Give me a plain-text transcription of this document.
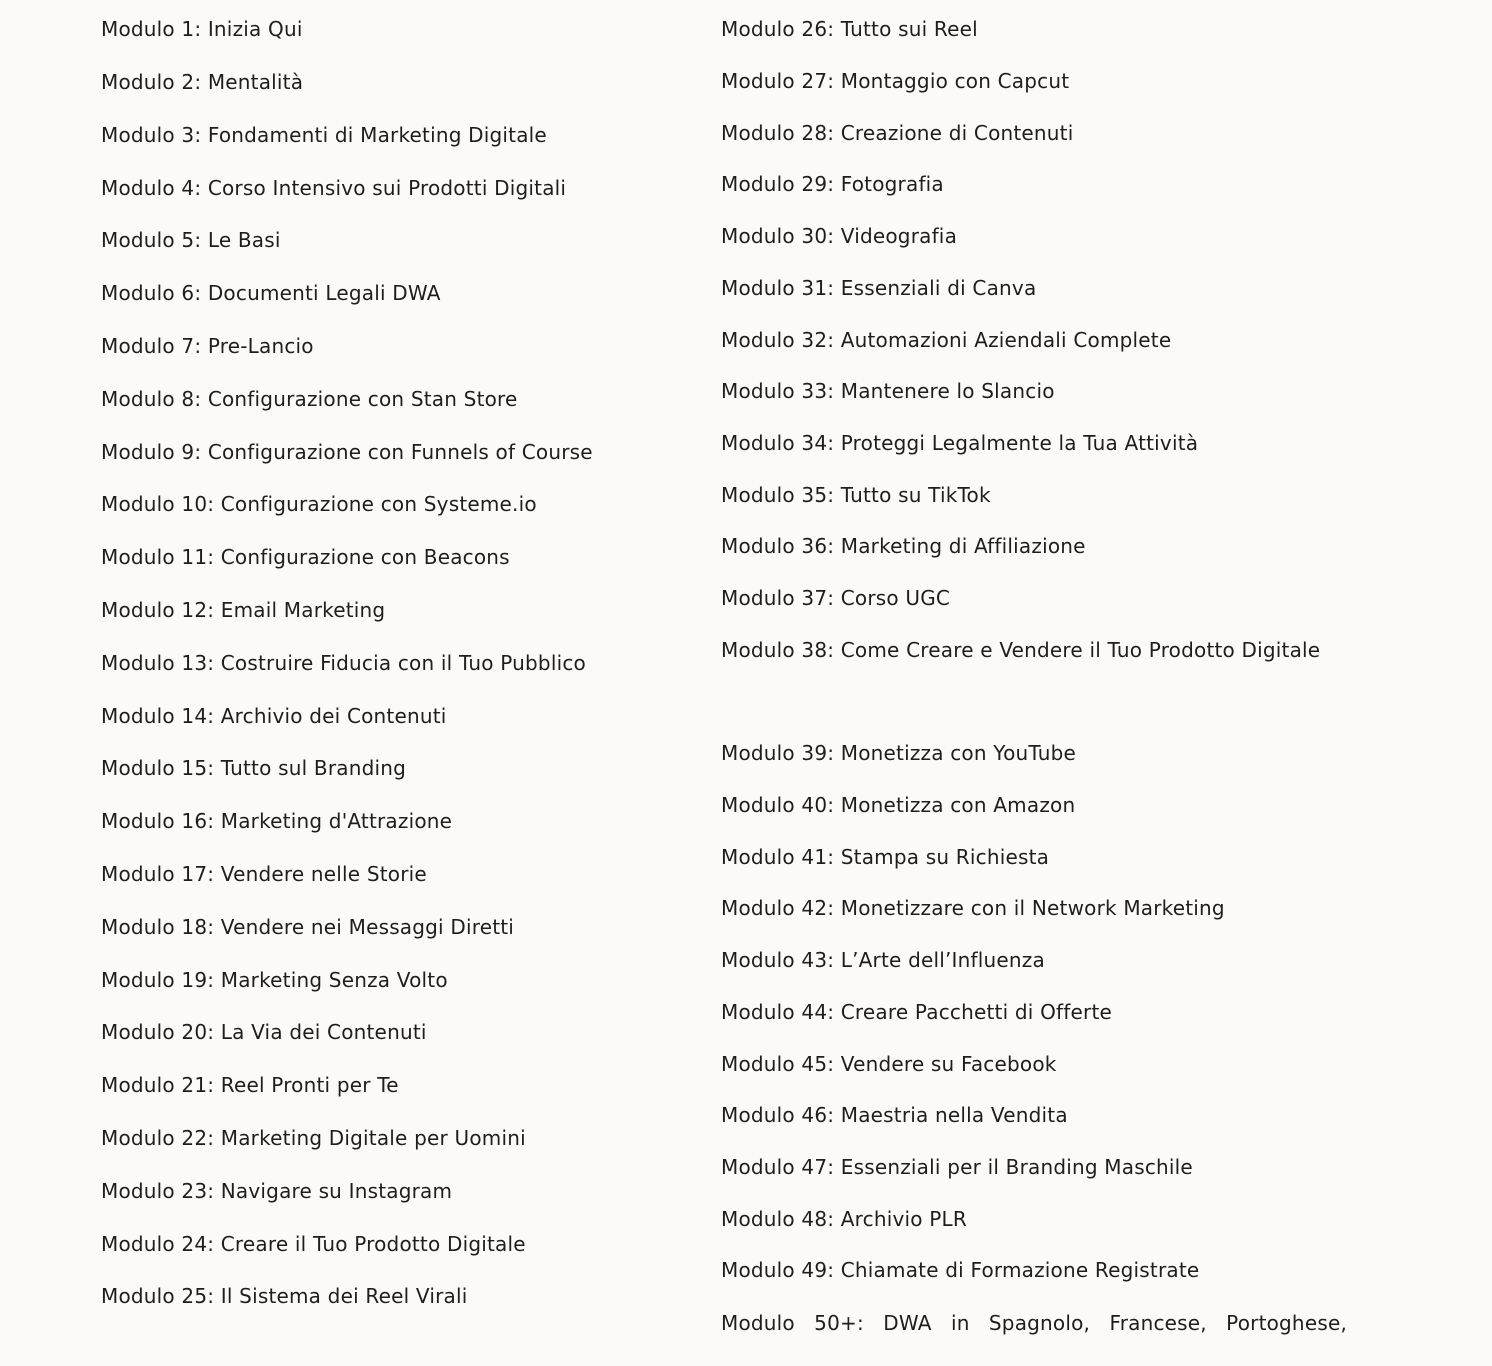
Modulo 1: Inizia Qui
Modulo 2: Mentalità
Modulo 3: Fondamenti di Marketing Digitale
Modulo 4: Corso Intensivo sui Prodotti Digitali
Modulo 5: Le Basi
Modulo 6: Documenti Legali DWA
Modulo 7: Pre-Lancio
Modulo 8: Configurazione con Stan Store
Modulo 9: Configurazione con Funnels of Course
Modulo 10: Configurazione con Systeme.io
Modulo 11: Configurazione con Beacons
Modulo 12: Email Marketing
Modulo 13: Costruire Fiducia con il Tuo Pubblico
Modulo 14: Archivio dei Contenuti
Modulo 15: Tutto sul Branding
Modulo 16: Marketing d'Attrazione
Modulo 17: Vendere nelle Storie
Modulo 18: Vendere nei Messaggi Diretti
Modulo 19: Marketing Senza Volto
Modulo 20: La Via dei Contenuti
Modulo 21: Reel Pronti per Te
Modulo 22: Marketing Digitale per Uomini
Modulo 23: Navigare su Instagram
Modulo 24: Creare il Tuo Prodotto Digitale
Modulo 25: Il Sistema dei Reel Virali
Modulo 26: Tutto sui Reel
Modulo 27: Montaggio con Capcut
Modulo 28: Creazione di Contenuti
Modulo 29: Fotografia
Modulo 30: Videografia
Modulo 31: Essenziali di Canva
Modulo 32: Automazioni Aziendali Complete
Modulo 33: Mantenere lo Slancio
Modulo 34: Proteggi Legalmente la Tua Attività
Modulo 35: Tutto su TikTok
Modulo 36: Marketing di Affiliazione
Modulo 37: Corso UGC
Modulo 38: Come Creare e Vendere il Tuo Prodotto Digitale
Modulo 39: Monetizza con YouTube
Modulo 40: Monetizza con Amazon
Modulo 41: Stampa su Richiesta
Modulo 42: Monetizzare con il Network Marketing
Modulo 43: L’Arte dell’Influenza
Modulo 44: Creare Pacchetti di Offerte
Modulo 45: Vendere su Facebook
Modulo 46: Maestria nella Vendita
Modulo 47: Essenziali per il Branding Maschile
Modulo 48: Archivio PLR
Modulo 49: Chiamate di Formazione Registrate
Modulo 50+: DWA in Spagnolo, Francese, Portoghese,
